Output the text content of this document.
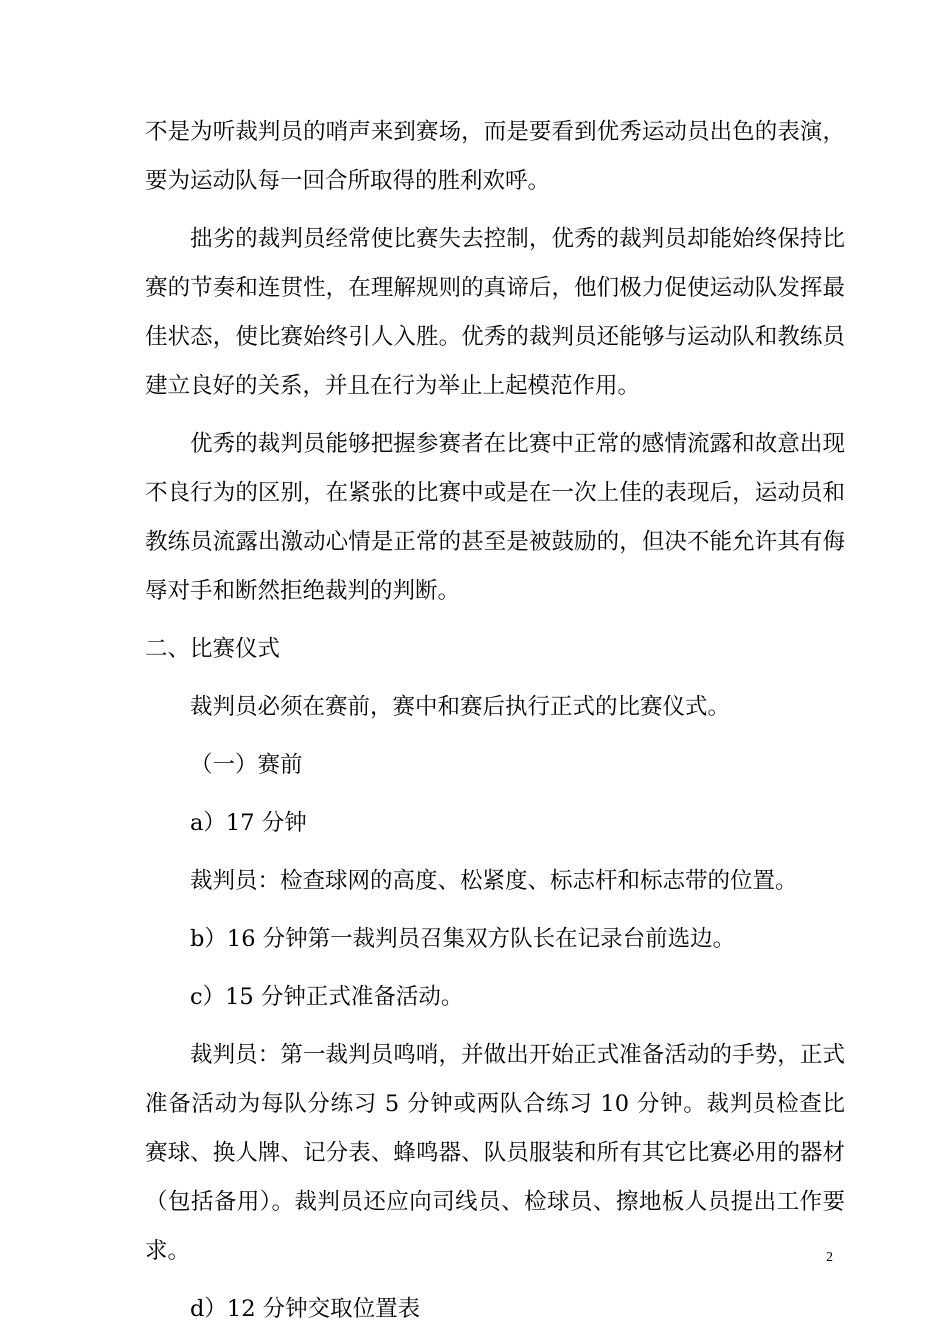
不是为听裁判员的哨声来到赛场，而是要看到优秀运动员出色的表演，要为运动队每一回合所取得的胜利欢呼。

拙劣的裁判员经常使比赛失去控制，优秀的裁判员却能始终保持比赛的节奏和连贯性，在理解规则的真谛后，他们极力促使运动队发挥最佳状态，使比赛始终引人入胜。优秀的裁判员还能够与运动队和教练员建立良好的关系，并且在行为举止上起模范作用。

优秀的裁判员能够把握参赛者在比赛中正常的感情流露和故意出现不良行为的区别，在紧张的比赛中或是在一次上佳的表现后，运动员和教练员流露出激动心情是正常的甚至是被鼓励的，但决不能允许其有侮辱对手和断然拒绝裁判的判断。

二、比赛仪式

裁判员必须在赛前，赛中和赛后执行正式的比赛仪式。

（一）赛前

a）17 分钟

裁判员：检查球网的高度、松紧度、标志杆和标志带的位置。

b）16 分钟第一裁判员召集双方队长在记录台前选边。

c）15 分钟正式准备活动。

裁判员：第一裁判员鸣哨，并做出开始正式准备活动的手势，正式准备活动为每队分练习 5 分钟或两队合练习 10 分钟。裁判员检查比赛球、换人牌、记分表、蜂鸣器、队员服装和所有其它比赛必用的器材（包括备用）。裁判员还应向司线员、检球员、擦地板人员提出工作要求。

d）12 分钟交取位置表

2
